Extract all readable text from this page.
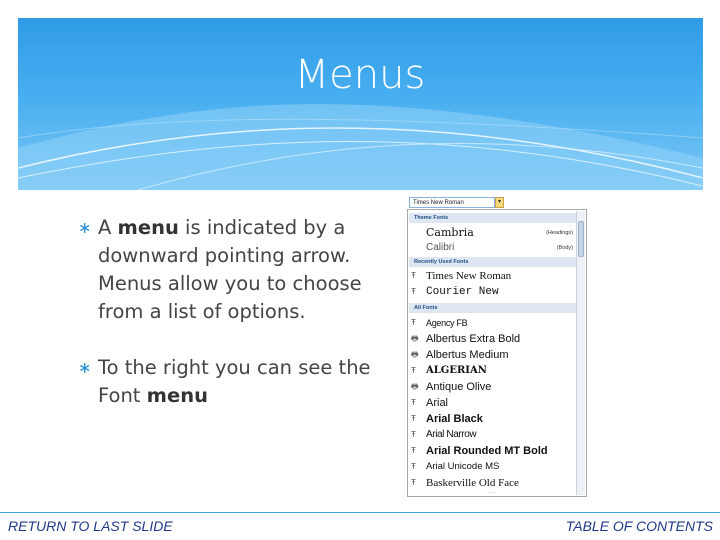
Menus
∗ A menu is indicated by a downward pointing arrow. Menus allow you to choose from a list of options.
∗ To the right you can see the Font menu
Times New Roman	▾
Theme Fonts
Cambria	(Headings)
Calibri	(Body)
Recently Used Fonts
Ŧ Times New Roman
Ŧ Courier New
All Fonts
Ŧ Agency FB
🖶 Albertus Extra Bold
🖶 Albertus Medium
Ŧ ALGERIAN
🖶 Antique Olive
Ŧ Arial
Ŧ Arial Black
Ŧ Arial Narrow
Ŧ Arial Rounded MT Bold
Ŧ Arial Unicode MS
Ŧ Baskerville Old Face
····
RETURN TO LAST SLIDE	TABLE OF CONTENTS
